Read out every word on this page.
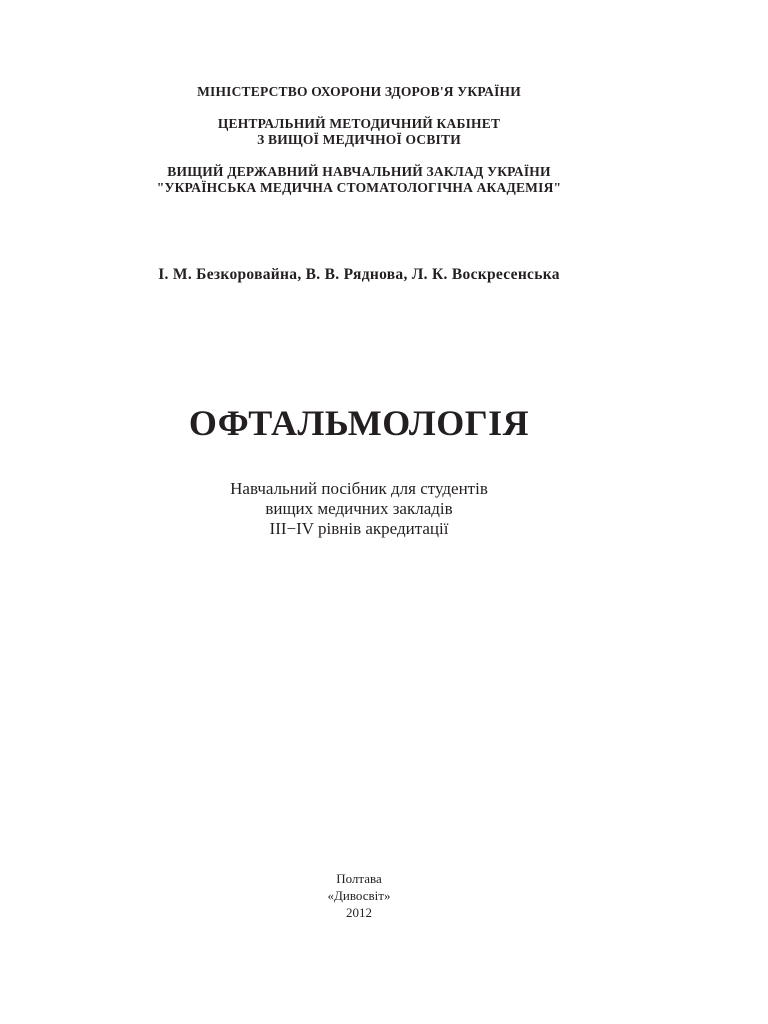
МІНІСТЕРСТВО ОХОРОНИ ЗДОРОВ'Я УКРАЇНИ
ЦЕНТРАЛЬНИЙ МЕТОДИЧНИЙ КАБІНЕТ
З ВИЩОЇ МЕДИЧНОЇ ОСВІТИ
ВИЩИЙ ДЕРЖАВНИЙ НАВЧАЛЬНИЙ ЗАКЛАД УКРАЇНИ
"УКРАЇНСЬКА МЕДИЧНА СТОМАТОЛОГІЧНА АКАДЕМІЯ"
І. М. Безкоровайна, В. В. Ряднова, Л. К. Воскресенська
ОФТАЛЬМОЛОГІЯ
Навчальний посібник для студентів
вищих медичних закладів
III−IV рівнів акредитації
Полтава
«Дивосвіт»
2012
